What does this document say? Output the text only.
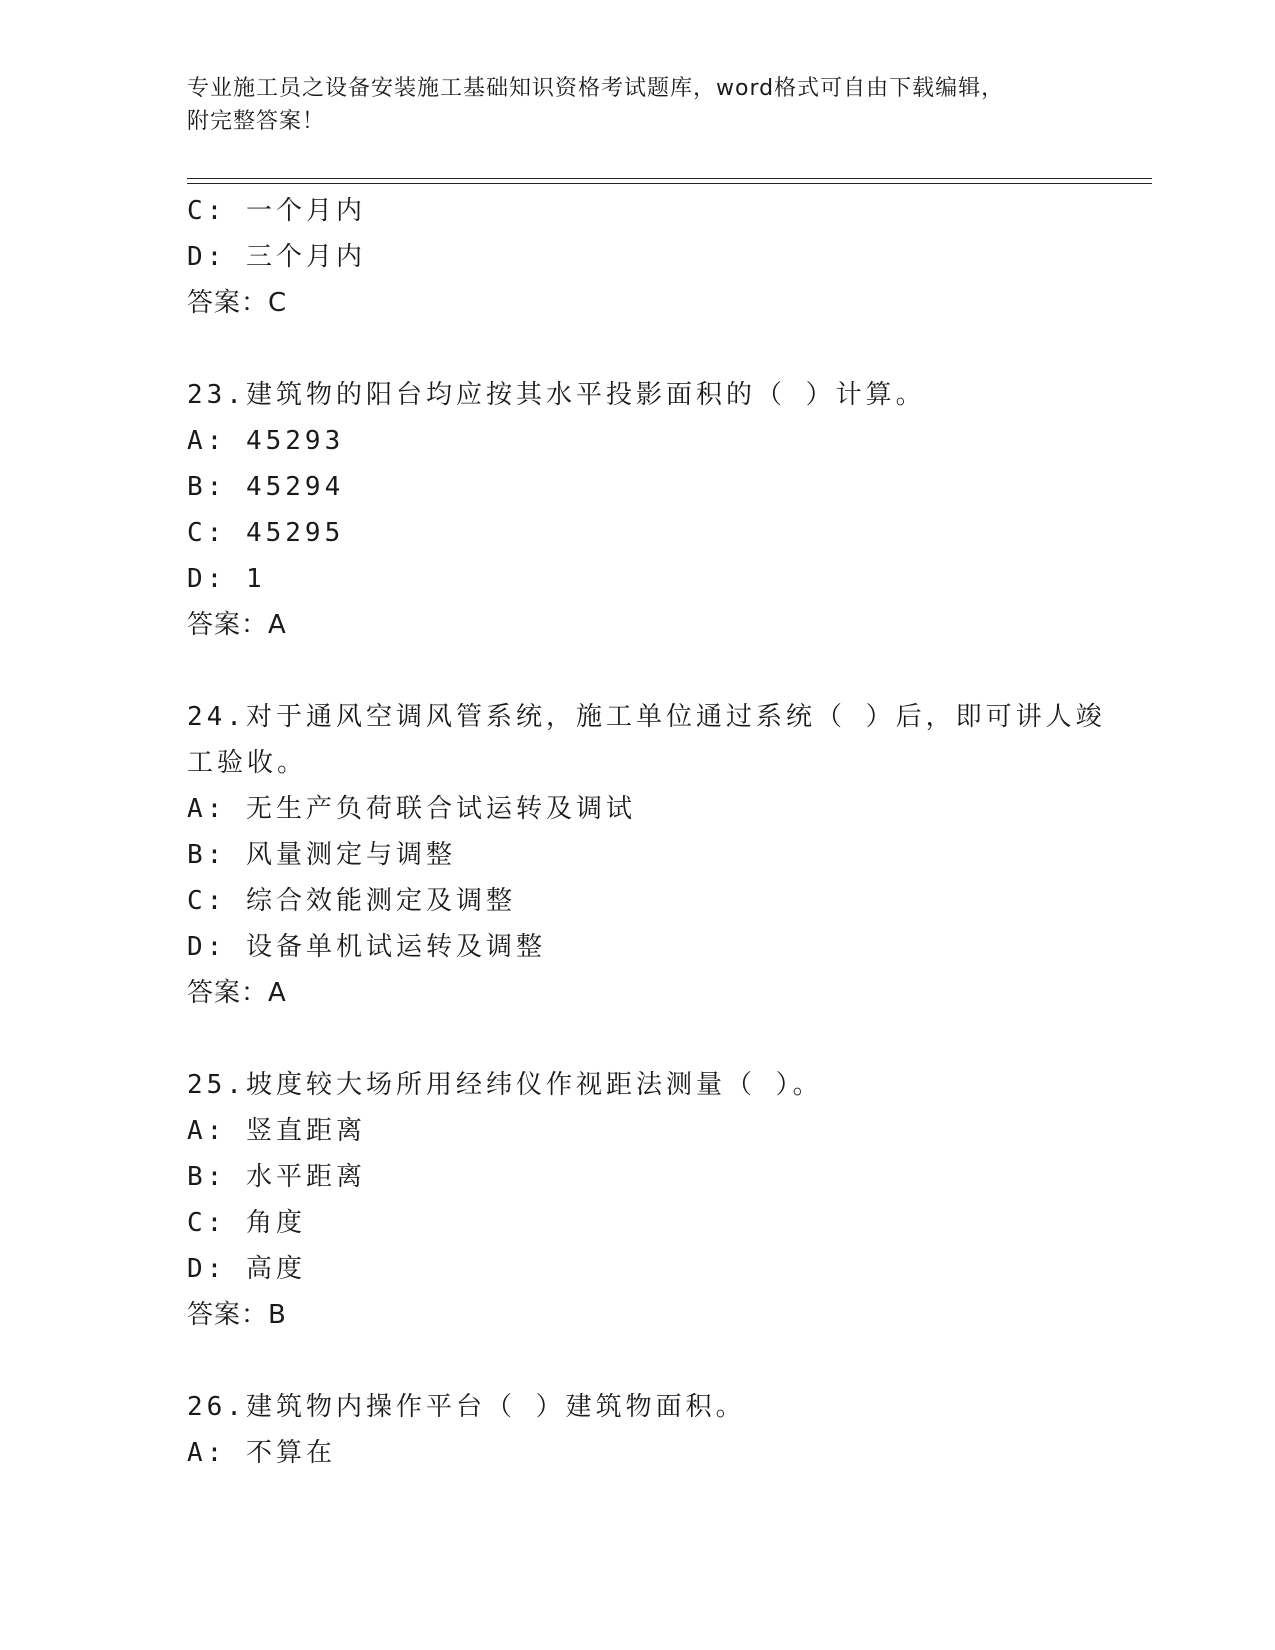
专业施工员之设备安装施工基础知识资格考试题库，word格式可自由下载编辑，
附完整答案！
C: 一个月内
D: 三个月内
答案：C
23.建筑物的阳台均应按其水平投影面积的（ ）计算。
A: 45293
B: 45294
C: 45295
D: 1
答案：A
24.对于通风空调风管系统，施工单位通过系统（ ）后，即可讲人竣
工验收。
A: 无生产负荷联合试运转及调试
B: 风量测定与调整
C: 综合效能测定及调整
D: 设备单机试运转及调整
答案：A
25.坡度较大场所用经纬仪作视距法测量（ ）。
A: 竖直距离
B: 水平距离
C: 角度
D: 高度
答案：B
26.建筑物内操作平台（ ）建筑物面积。
A: 不算在
